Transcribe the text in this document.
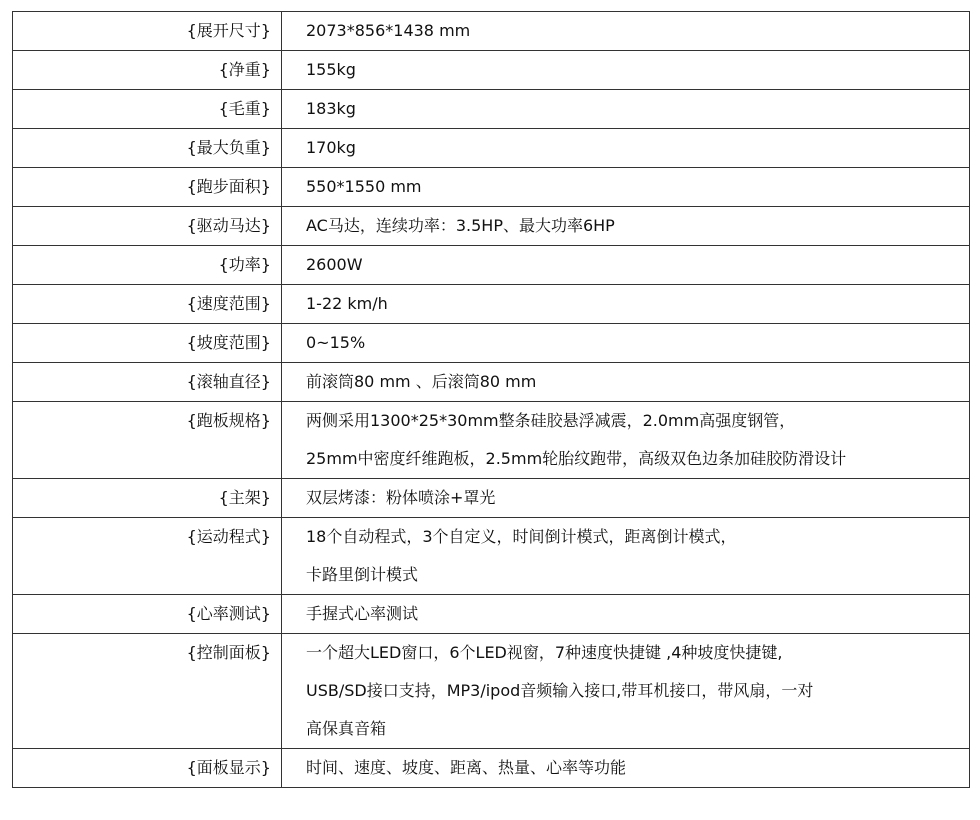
{展开尺寸}	2073*856*1438 mm

{净重}	155kg

{毛重}	183kg

{最大负重}	170kg

{跑步面积}	550*1550 mm

{驱动马达}	AC马达，连续功率：3.5HP、最大功率6HP

{功率}	2600W

{速度范围}	1-22 km/h

{坡度范围}	0~15%

{滚轴直径}	前滚筒80 mm 、后滚筒80 mm

{跑板规格}	两侧采用1300*25*30mm整条硅胶悬浮减震，2.0mm高强度钢管，
25mm中密度纤维跑板，2.5mm轮胎纹跑带，高级双色边条加硅胶防滑设计

{主架}	双层烤漆：粉体喷涂+罩光

{运动程式}	18个自动程式，3个自定义，时间倒计模式，距离倒计模式，
卡路里倒计模式

{心率测试}	手握式心率测试

{控制面板}	一个超大LED窗口，6个LED视窗，7种速度快捷键 ,4种坡度快捷键,
USB/SD接口支持，MP3/ipod音频输入接口,带耳机接口，带风扇，一对
高保真音箱

{面板显示}	时间、速度、坡度、距离、热量、心率等功能
